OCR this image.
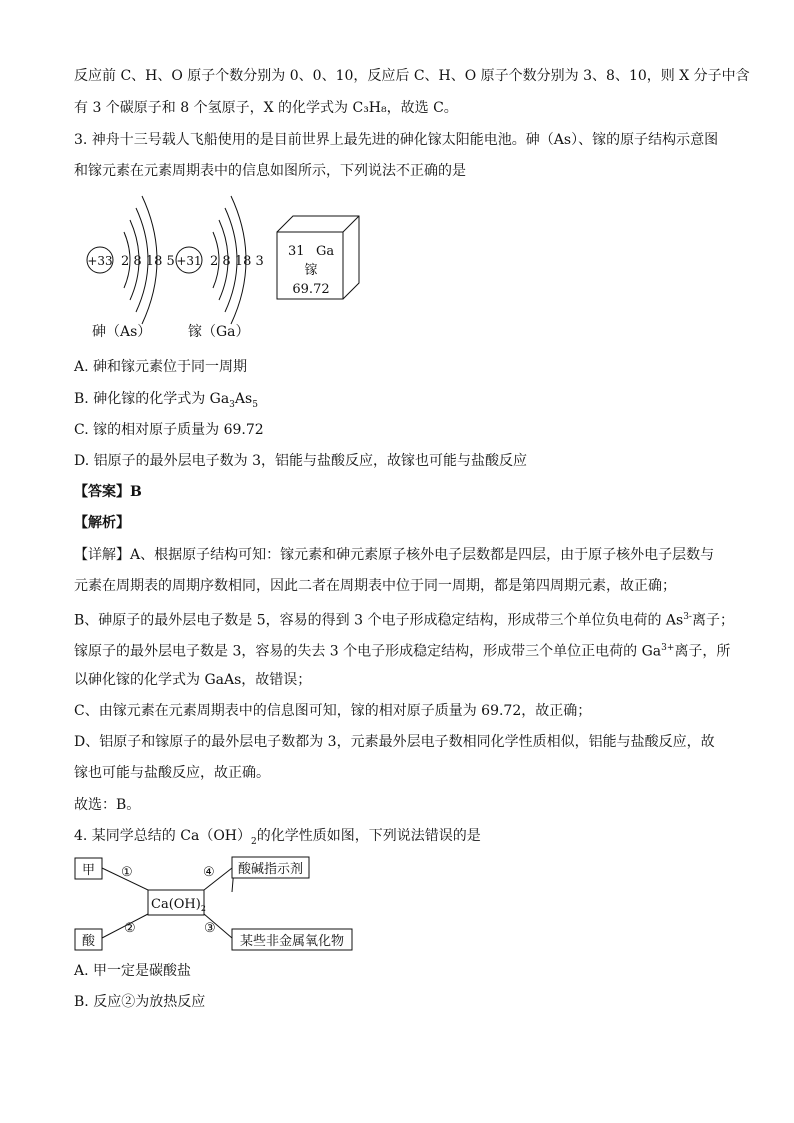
反应前 C、H、O 原子个数分别为 0、0、10，反应后 C、H、O 原子个数分别为 3、8、10，则 X 分子中含
有 3 个碳原子和 8 个氢原子，X 的化学式为 C₃H₈，故选 C。
3. 神舟十三号载人飞船使用的是目前世界上最先进的砷化镓太阳能电池。砷（As）、镓的原子结构示意图
和镓元素在元素周期表中的信息如图所示，下列说法不正确的是
+33 2 8 18 5
砷（As）
+31 2 8 18 3
镓（Ga）
31 Ga
镓
69.72
A. 砷和镓元素位于同一周期
B. 砷化镓的化学式为 $Ga_3As_5$
C. 镓的相对原子质量为 69.72
D. 铝原子的最外层电子数为 3，铝能与盐酸反应，故镓也可能与盐酸反应
【答案】B
【解析】
【详解】A、根据原子结构可知：镓元素和砷元素原子核外电子层数都是四层，由于原子核外电子层数与
元素在周期表的周期序数相同，因此二者在周期表中位于同一周期，都是第四周期元素，故正确；
B、砷原子的最外层电子数是 5，容易的得到 3 个电子形成稳定结构，形成带三个单位负电荷的 $As^{3-}$离子；
镓原子的最外层电子数是 3，容易的失去 3 个电子形成稳定结构，形成带三个单位正电荷的 $Ga^{3+}$离子，所
以砷化镓的化学式为 GaAs，故错误；
C、由镓元素在元素周期表中的信息图可知，镓的相对原子质量为 69.72，故正确；
D、铝原子和镓原子的最外层电子数都为 3，元素最外层电子数相同化学性质相似，铝能与盐酸反应，故
镓也可能与盐酸反应，故正确。
故选：B。
4. 某同学总结的 $Ca(OH)_2$的化学性质如图，下列说法错误的是
甲
酸
$Ca(OH)_2$
酸碱指示剂
某些非金属氧化物
①
②	③
④
A. 甲一定是碳酸盐
B. 反应②为放热反应
